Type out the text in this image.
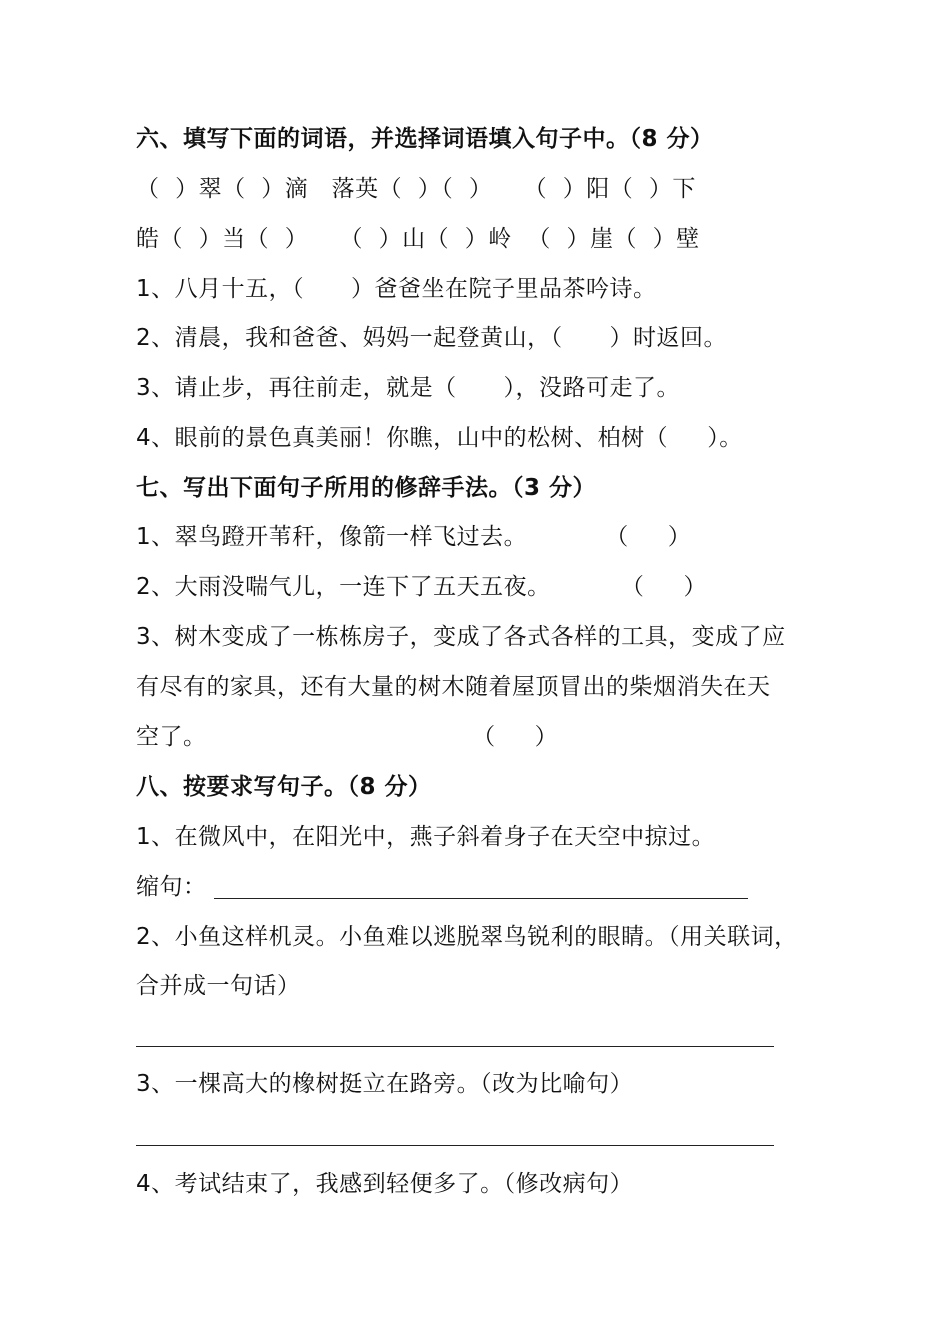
六、填写下面的词语，并选择词语填入句子中。（8 分）
（  ）翠（  ）滴   落英（  ）（  ）    （  ）阳（  ）下
皓（  ）当（  ）    （  ）山（  ）岭  （  ）崖（  ）壁
1、八月十五，（      ）爸爸坐在院子里品茶吟诗。
2、清晨，我和爸爸、妈妈一起登黄山，（      ）时返回。
3、请止步，再往前走，就是（      ），没路可走了。
4、眼前的景色真美丽！你瞧，山中的松树、柏树（     ）。
七、写出下面句子所用的修辞手法。（3 分）
1、翠鸟蹬开苇秆，像箭一样飞过去。          （     ）
2、大雨没喘气儿，一连下了五天五夜。         （     ）
3、树木变成了一栋栋房子，变成了各式各样的工具，变成了应
有尽有的家具，还有大量的树木随着屋顶冒出的柴烟消失在天
空了。                                  （     ）
八、按要求写句子。（8 分）
1、在微风中，在阳光中，燕子斜着身子在天空中掠过。
缩句：
2、小鱼这样机灵。小鱼难以逃脱翠鸟锐利的眼睛。（用关联词，
合并成一句话）
3、一棵高大的橡树挺立在路旁。（改为比喻句）
4、考试结束了，我感到轻便多了。（修改病句）
